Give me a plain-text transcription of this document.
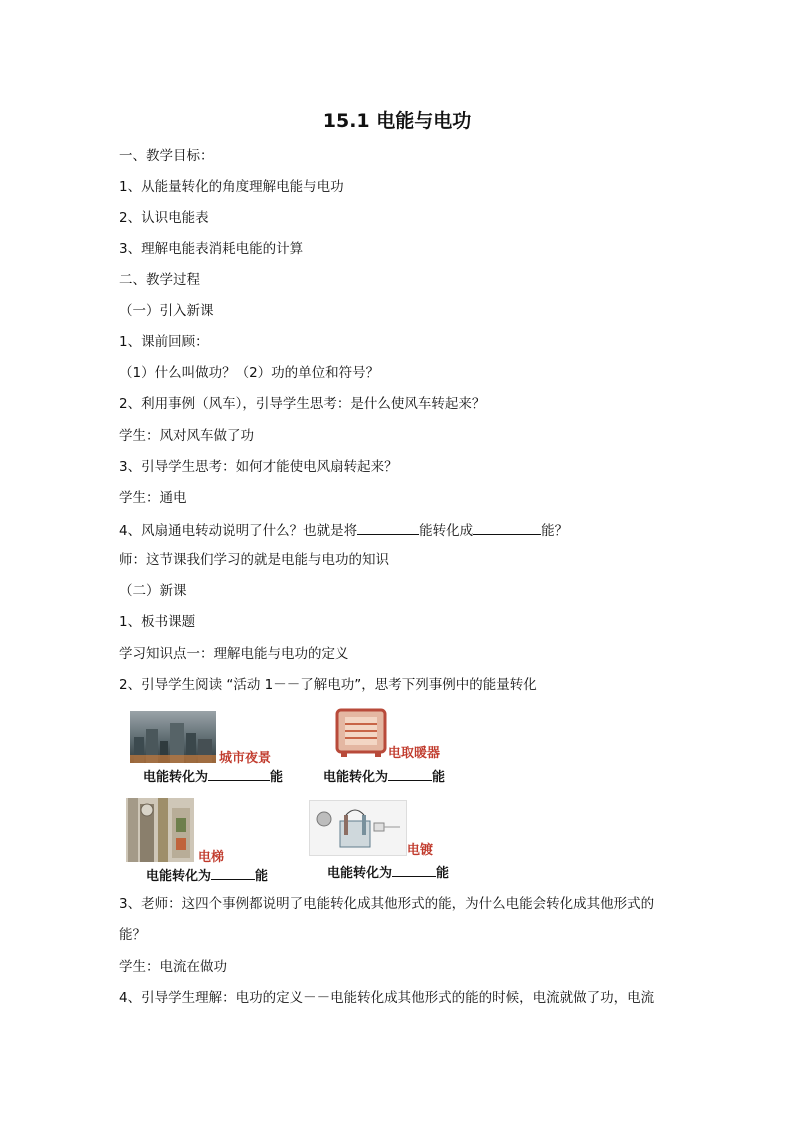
15.1 电能与电功
一、教学目标：
1、从能量转化的角度理解电能与电功
2、认识电能表
3、理解电能表消耗电能的计算
二、教学过程
（一）引入新课
1、课前回顾：
（1）什么叫做功？（2）功的单位和符号？
2、利用事例（风车），引导学生思考：是什么使风车转起来？
学生：风对风车做了功
3、引导学生思考：如何才能使电风扇转起来？
学生：通电
4、风扇通电转动说明了什么？也就是将	能转化成	能？
师：这节课我们学习的就是电能与电功的知识
（二）新课
1、板书课题
学习知识点一：理解电能与电功的定义
2、引导学生阅读 “活动 1－－了解电功”，思考下列事例中的能量转化
城市夜景
电能转化为	能
电取暖器
电能转化为	能
电梯
电能转化为	能
电镀
电能转化为	能
3、老师：这四个事例都说明了电能转化成其他形式的能，为什么电能会转化成其他形式的
能？
学生：电流在做功
4、引导学生理解：电功的定义－－电能转化成其他形式的能的时候，电流就做了功，电流
